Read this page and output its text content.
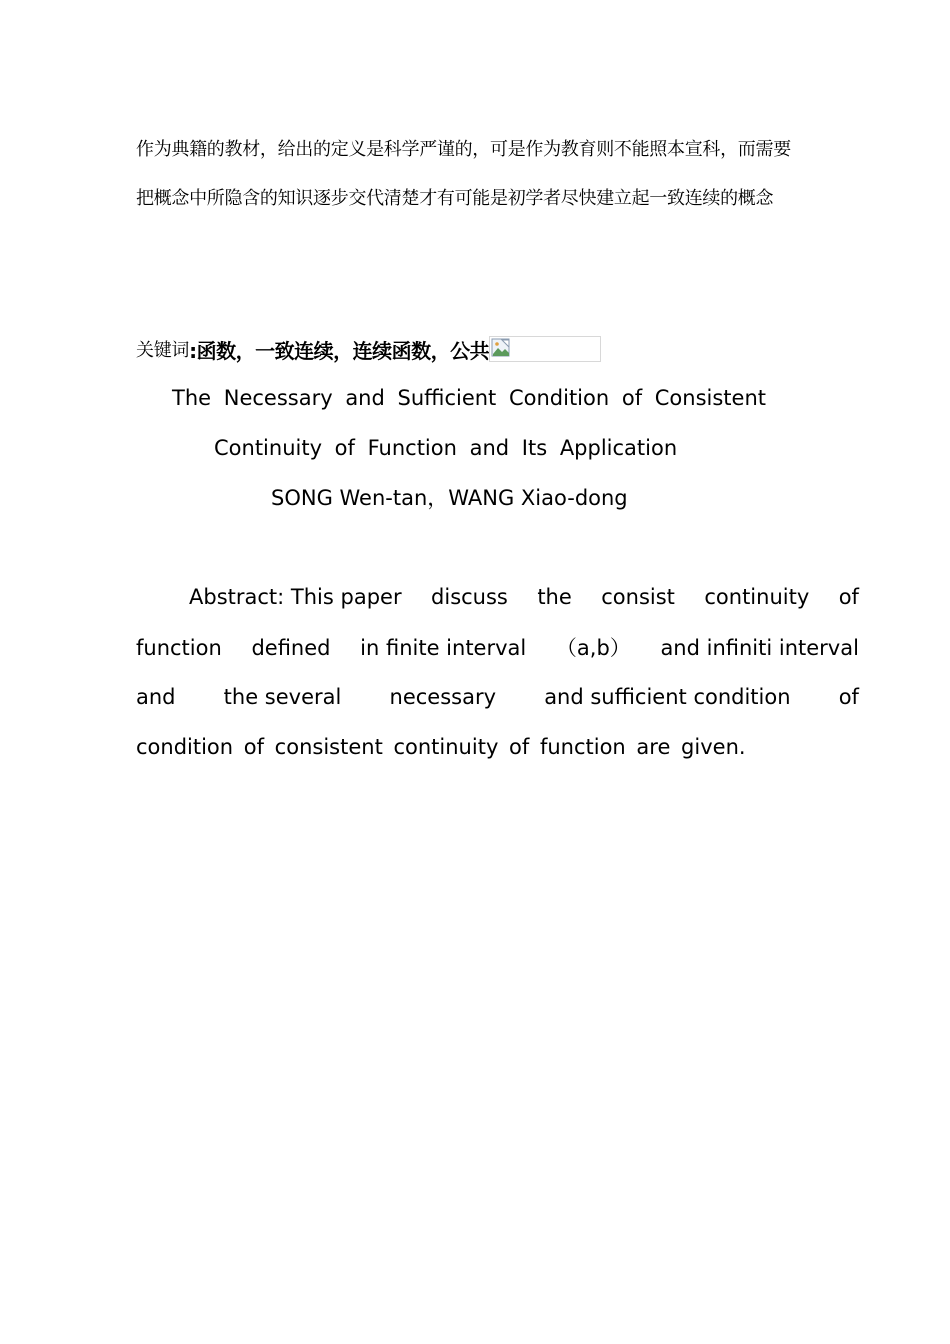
作为典籍的教材，给出的定义是科学严谨的，可是作为教育则不能照本宣科，而需要
把概念中所隐含的知识逐步交代清楚才有可能是初学者尽快建立起一致连续的概念
关键词 :函数，一致连续，连续函数，公共
The Necessary and Sufficient Condition of Consistent
Continuity of Function and Its Application
SONG Wen-tan，WANG Xiao-dong
Abstract: This paper discuss the consist continuity of
function defined in finite interval （a,b） and infiniti interval
and the several necessary and sufficient condition of
condition of consistent continuity of function are given.
